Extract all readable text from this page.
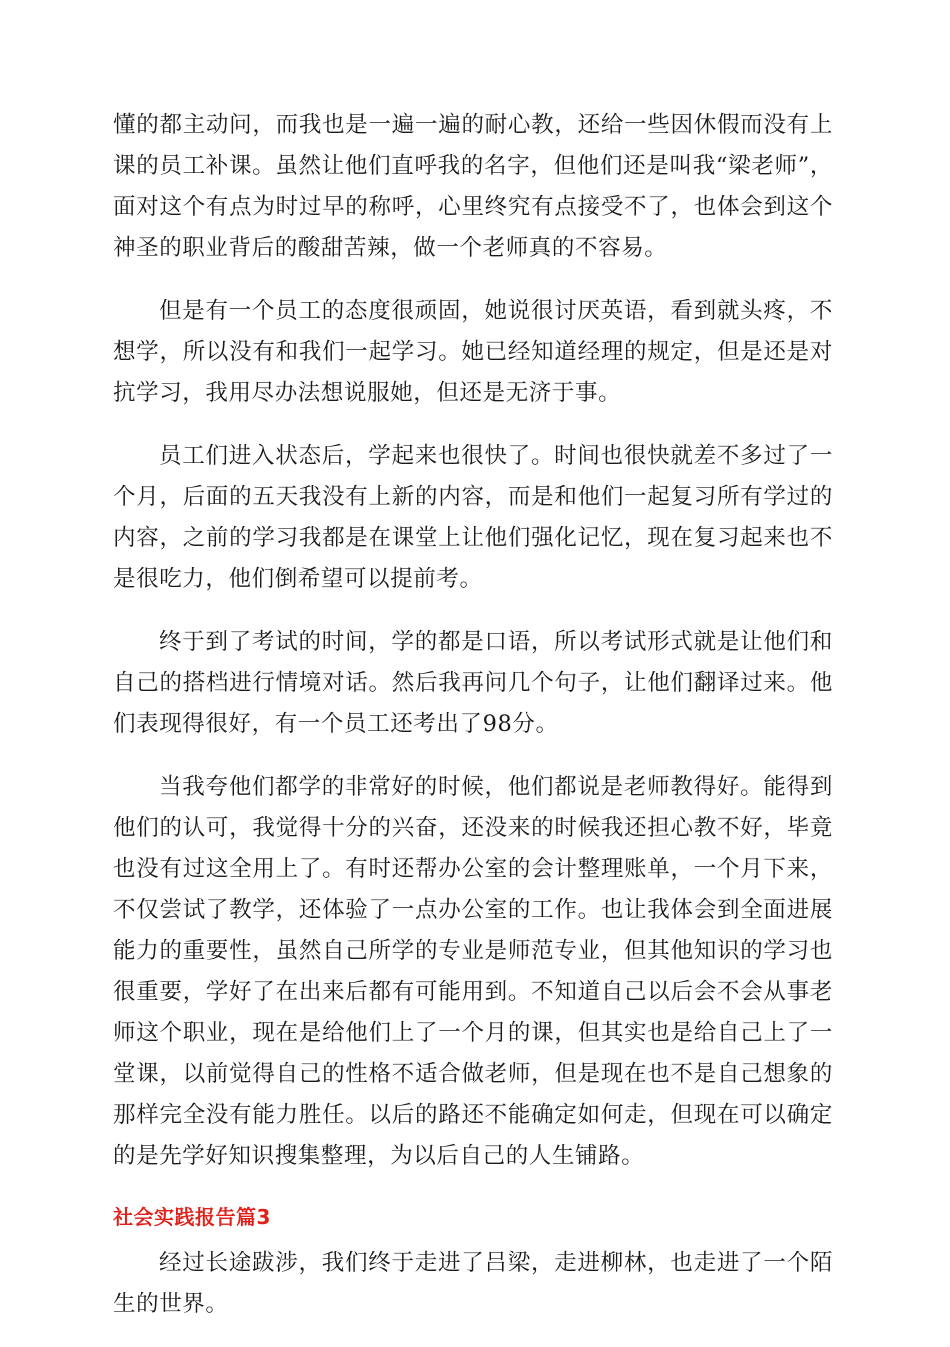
懂的都主动问，而我也是一遍一遍的耐心教，还给一些因休假而没有上课的员工补课。虽然让他们直呼我的名字，但他们还是叫我“梁老师”，面对这个有点为时过早的称呼，心里终究有点接受不了，也体会到这个神圣的职业背后的酸甜苦辣，做一个老师真的不容易。

但是有一个员工的态度很顽固，她说很讨厌英语，看到就头疼，不想学，所以没有和我们一起学习。她已经知道经理的规定，但是还是对抗学习，我用尽办法想说服她，但还是无济于事。

员工们进入状态后，学起来也很快了。时间也很快就差不多过了一个月，后面的五天我没有上新的内容，而是和他们一起复习所有学过的内容，之前的学习我都是在课堂上让他们强化记忆，现在复习起来也不是很吃力，他们倒希望可以提前考。

终于到了考试的时间，学的都是口语，所以考试形式就是让他们和自己的搭档进行情境对话。然后我再问几个句子，让他们翻译过来。他们表现得很好，有一个员工还考出了98分。

当我夸他们都学的非常好的时候，他们都说是老师教得好。能得到他们的认可，我觉得十分的兴奋，还没来的时候我还担心教不好，毕竟也没有过这全用上了。有时还帮办公室的会计整理账单，一个月下来，不仅尝试了教学，还体验了一点办公室的工作。也让我体会到全面进展能力的重要性，虽然自己所学的专业是师范专业，但其他知识的学习也很重要，学好了在出来后都有可能用到。不知道自己以后会不会从事老师这个职业，现在是给他们上了一个月的课，但其实也是给自己上了一堂课，以前觉得自己的性格不适合做老师，但是现在也不是自己想象的那样完全没有能力胜任。以后的路还不能确定如何走，但现在可以确定的是先学好知识搜集整理，为以后自己的人生铺路。

社会实践报告篇3

经过长途跋涉，我们终于走进了吕梁，走进柳林，也走进了一个陌生的世界。
